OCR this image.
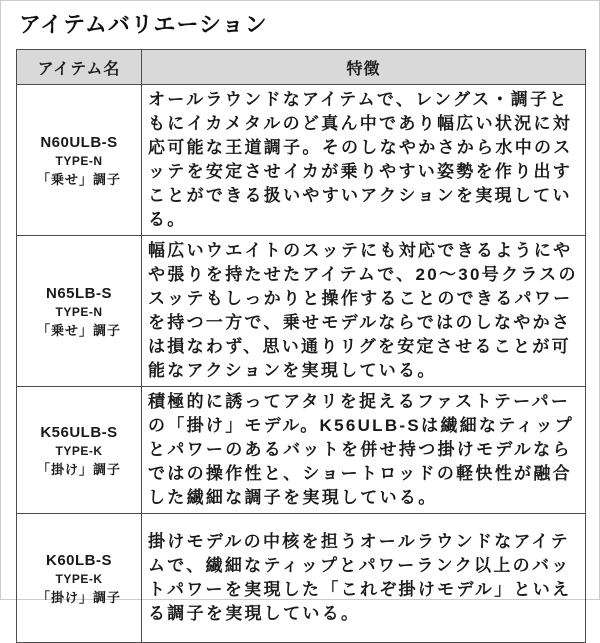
アイテムバリエーション
アイテム名	特徴

N60ULB-S
TYPE-N
「乗せ」調子	オールラウンドなアイテムで、レングス・調子ともにイカメタルのど真ん中であり幅広い状況に対応可能な王道調子。そのしなやかさから水中のスッテを安定させイカが乗りやすい姿勢を作り出すことができる扱いやすいアクションを実現している。

N65LB-S
TYPE-N
「乗せ」調子	幅広いウエイトのスッテにも対応できるようにやや張りを持たせたアイテムで、20〜30号クラスのスッテもしっかりと操作することのできるパワーを持つ一方で、乗せモデルならではのしなやかさは損なわず、思い通りリグを安定させることが可能なアクションを実現している。

K56ULB-S
TYPE-K
「掛け」調子	積極的に誘ってアタリを捉えるファストテーパーの「掛け」モデル。K56ULB-Sは繊細なティップとパワーのあるバットを併せ持つ掛けモデルならではの操作性と、ショートロッドの軽快性が融合した繊細な調子を実現している。

K60LB-S
TYPE-K
「掛け」調子	掛けモデルの中核を担うオールラウンドなアイテムで、繊細なティップとパワーランク以上のバットパワーを実現した「これぞ掛けモデル」といえる調子を実現している。
